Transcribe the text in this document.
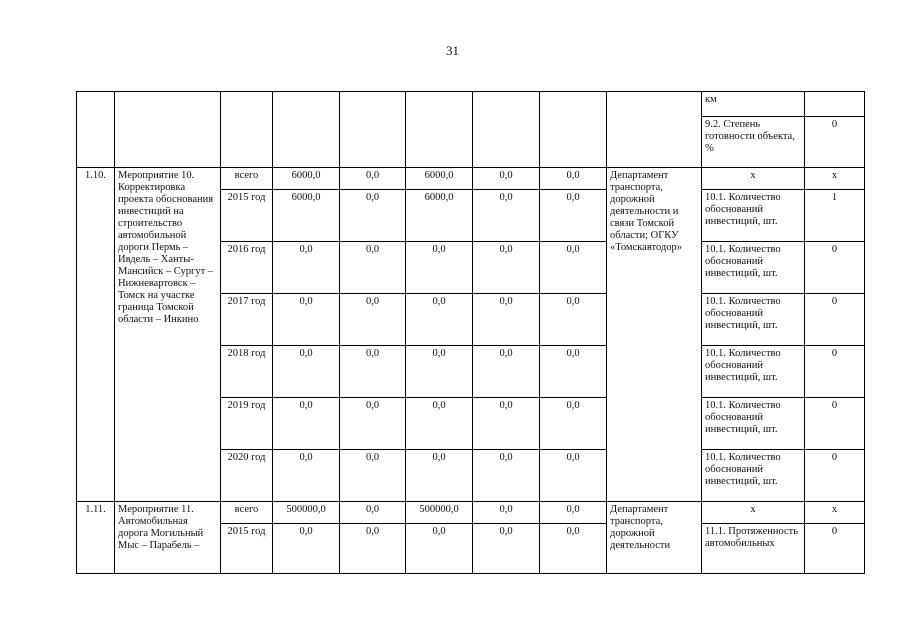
31
									км	
									9.2. Степень готовности объекта, %	0
1.10.	Мероприятие 10. Корректировка проекта обоснования инвестиций на строительство автомобильной дороги Пермь – Ивдель – Ханты-Мансийск – Сургут – Нижневартовск – Томск на участке граница Томской области – Инкино	всего	6000,0	0,0	6000,0	0,0	0,0	Департамент транспорта, дорожной деятельности и связи Томской области; ОГКУ «Томскавтодор»	x	x
		2015 год	6000,0	0,0	6000,0	0,0	0,0		10.1. Количество обоснований инвестиций, шт.	1
		2016 год	0,0	0,0	0,0	0,0	0,0		10.1. Количество обоснований инвестиций, шт.	0
		2017 год	0,0	0,0	0,0	0,0	0,0		10.1. Количество обоснований инвестиций, шт.	0
		2018 год	0,0	0,0	0,0	0,0	0,0		10.1. Количество обоснований инвестиций, шт.	0
		2019 год	0,0	0,0	0,0	0,0	0,0		10.1. Количество обоснований инвестиций, шт.	0
		2020 год	0,0	0,0	0,0	0,0	0,0		10.1. Количество обоснований инвестиций, шт.	0
1.11.	Мероприятие 11. Автомобильная дорога Могильный Мыс – Парабель –	всего	500000,0	0,0	500000,0	0,0	0,0	Департамент транспорта, дорожной деятельности	x	x
		2015 год	0,0	0,0	0,0	0,0	0,0		11.1. Протяженность автомобильных	0
